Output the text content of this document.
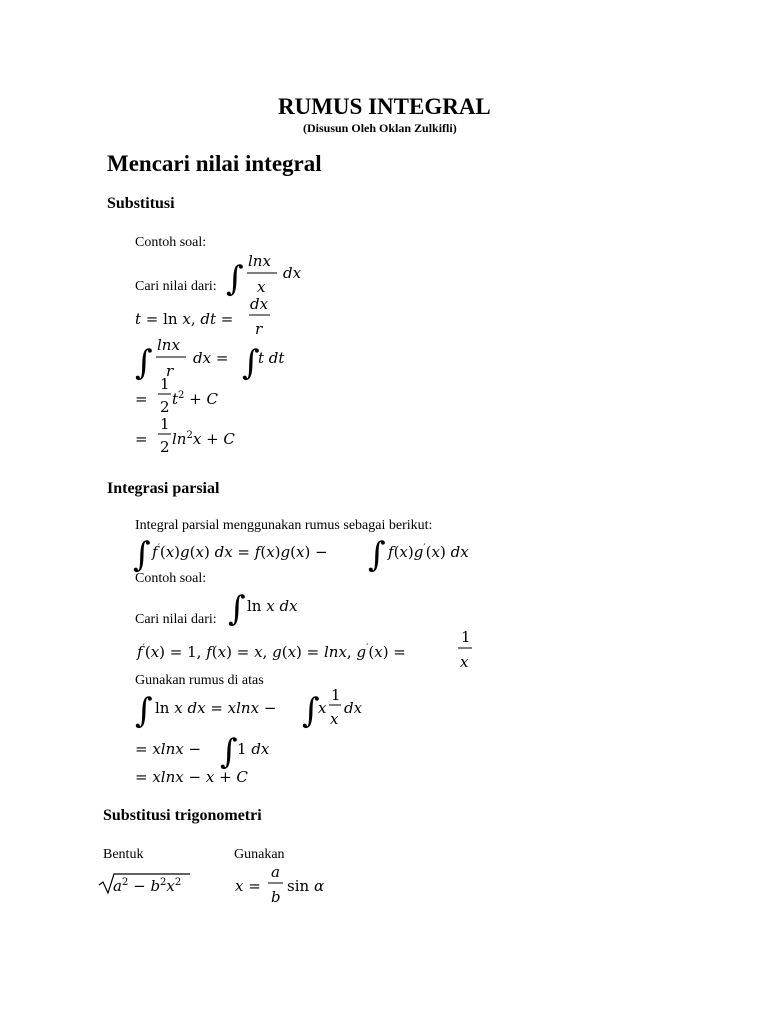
RUMUS INTEGRAL
(Disusun Oleh Oklan Zulkifli)
Mencari nilai integral
Substitusi
Contoh soal:
Cari nilai dari: ∫ lnx
x
dx
t = ln x, dt =
dx
r
∫ lnx
r
dx = ∫
t dt
=
1
2 $t^2 + C$
=
1
2 $\ln^2x + C$
Integrasi parsial
Integral parsial menggunakan rumus sebagai berikut:
Contoh soal:
Cari nilai dari:
Gunakan rumus di atas
∫ f′(x)g(x) dx = f(x)g(x) − ∫ f(x)g′(x) dx
∫ ln x dx
f′(x) = 1, f(x) = x, g(x) = lnx, g′(x) =
1
x
∫ ln x dx = xlnx − ∫
x
1
x
dx
= xlnx − ∫ 1 dx
= xlnx − x + C
Substitusi trigonometri
Bentuk	Gunakan
$a^2 - b^2x^2$	x =
a
b
sin α
